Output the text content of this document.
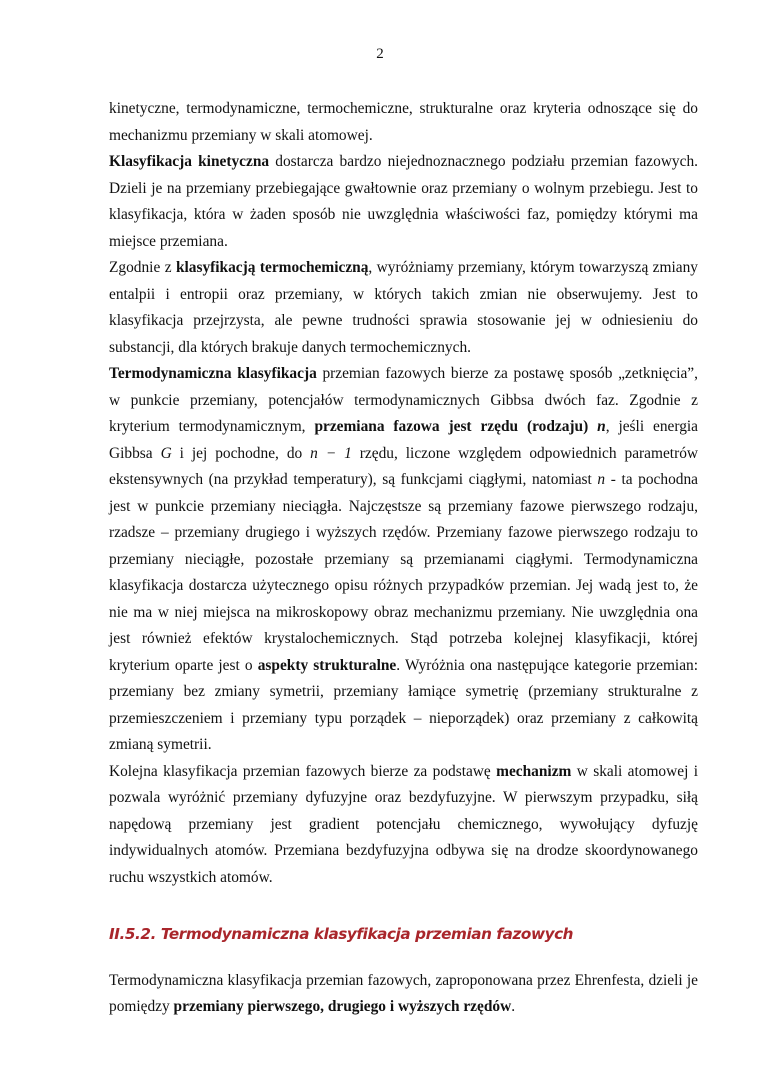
2

kinetyczne, termodynamiczne, termochemiczne, strukturalne oraz kryteria odnoszące się do mechanizmu przemiany w skali atomowej.

Klasyfikacja kinetyczna dostarcza bardzo niejednoznacznego podziału przemian fazowych. Dzieli je na przemiany przebiegające gwałtownie oraz przemiany o wolnym przebiegu. Jest to klasyfikacja, która w żaden sposób nie uwzględnia właściwości faz, pomiędzy którymi ma miejsce przemiana.

Zgodnie z klasyfikacją termochemiczną, wyróżniamy przemiany, którym towarzyszą zmiany entalpii i entropii oraz przemiany, w których takich zmian nie obserwujemy. Jest to klasyfikacja przejrzysta, ale pewne trudności sprawia stosowanie jej w odniesieniu do substancji, dla których brakuje danych termochemicznych.

Termodynamiczna klasyfikacja przemian fazowych bierze za postawę sposób „zetknięcia”, w punkcie przemiany, potencjałów termodynamicznych Gibbsa dwóch faz. Zgodnie z kryterium termodynamicznym, przemiana fazowa jest rzędu (rodzaju) n, jeśli energia Gibbsa G i jej pochodne, do n − 1 rzędu, liczone względem odpowiednich parametrów ekstensywnych (na przykład temperatury), są funkcjami ciągłymi, natomiast n - ta pochodna jest w punkcie przemiany nieciągła. Najczęstsze są przemiany fazowe pierwszego rodzaju, rzadsze – przemiany drugiego i wyższych rzędów. Przemiany fazowe pierwszego rodzaju to przemiany nieciągłe, pozostałe przemiany są przemianami ciągłymi. Termodynamiczna klasyfikacja dostarcza użytecznego opisu różnych przypadków przemian. Jej wadą jest to, że nie ma w niej miejsca na mikroskopowy obraz mechanizmu przemiany. Nie uwzględnia ona jest również efektów krystalochemicznych. Stąd potrzeba kolejnej klasyfikacji, której kryterium oparte jest o aspekty strukturalne. Wyróżnia ona następujące kategorie przemian: przemiany bez zmiany symetrii, przemiany łamiące symetrię (przemiany strukturalne z przemieszczeniem i przemiany typu porządek – nieporządek) oraz przemiany z całkowitą zmianą symetrii.

Kolejna klasyfikacja przemian fazowych bierze za podstawę mechanizm w skali atomowej i pozwala wyróżnić przemiany dyfuzyjne oraz bezdyfuzyjne. W pierwszym przypadku, siłą napędową przemiany jest gradient potencjału chemicznego, wywołujący dyfuzję indywidualnych atomów. Przemiana bezdyfuzyjna odbywa się na drodze skoordynowanego ruchu wszystkich atomów.

II.5.2. Termodynamiczna klasyfikacja przemian fazowych

Termodynamiczna klasyfikacja przemian fazowych, zaproponowana przez Ehrenfesta, dzieli je pomiędzy przemiany pierwszego, drugiego i wyższych rzędów.
